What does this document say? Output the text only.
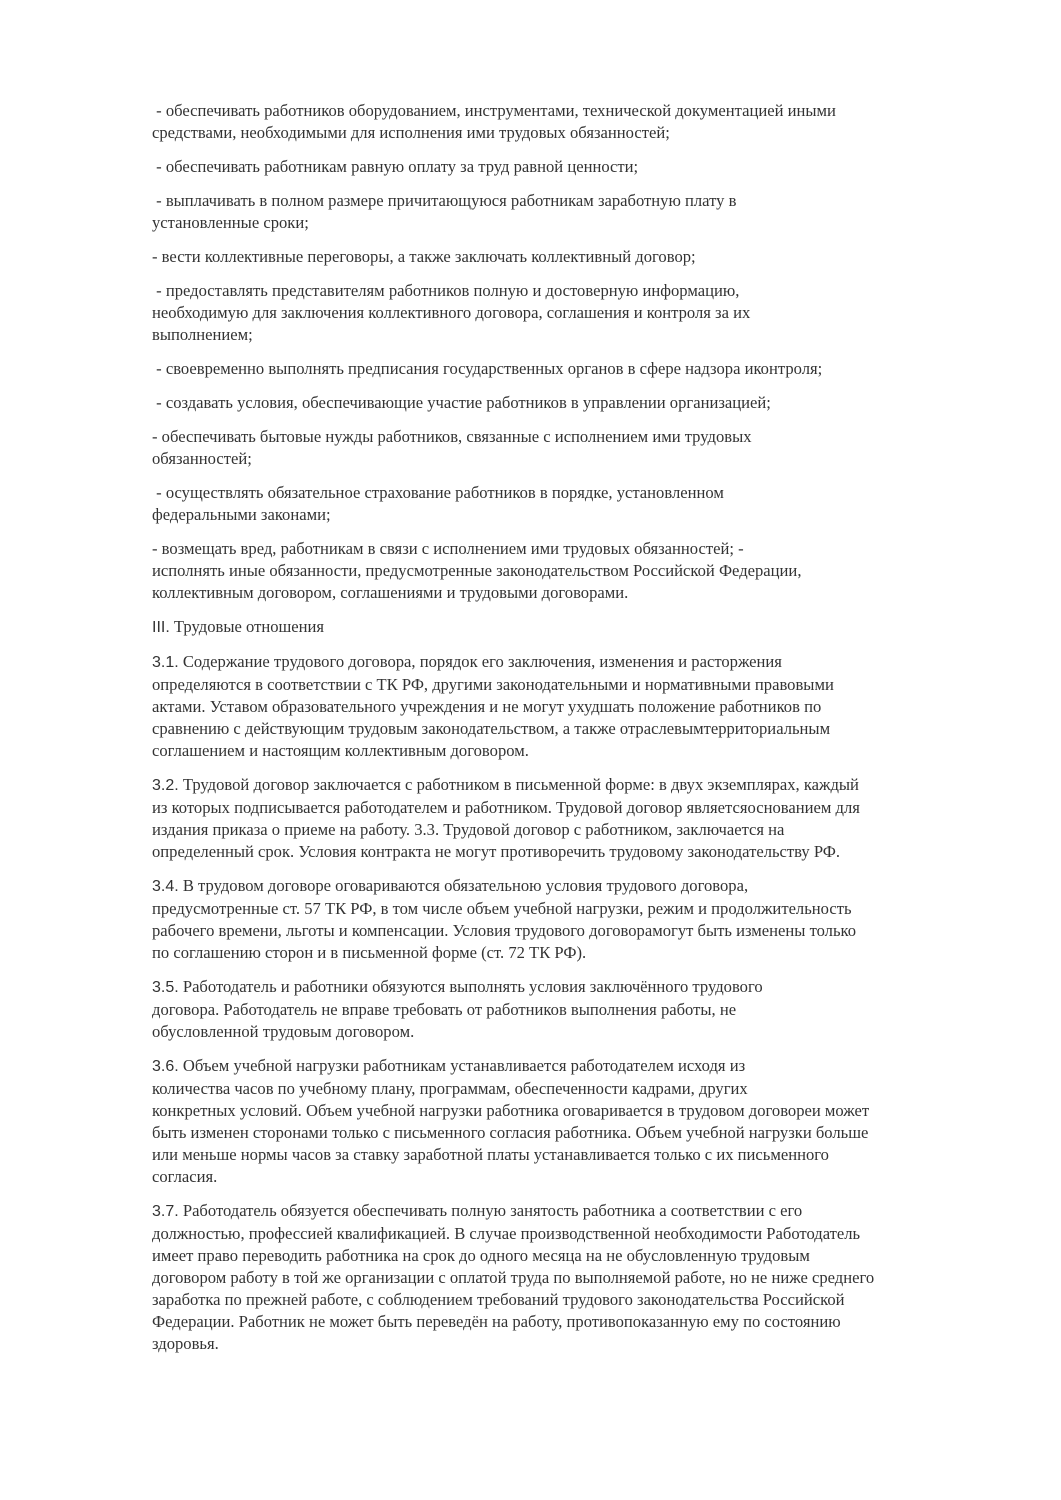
- обеспечивать работников оборудованием, инструментами, технической документацией иными
средствами, необходимыми для исполнения ими трудовых обязанностей;

- обеспечивать работникам равную оплату за труд равной ценности;

- выплачивать в полном размере причитающуюся работникам заработную плату в
установленные сроки;

- вести коллективные переговоры, а также заключать коллективный договор;

- предоставлять представителям работников полную и достоверную информацию,
необходимую для заключения коллективного договора, соглашения и контроля за их
выполнением;

- своевременно выполнять предписания государственных органов в сфере надзора иконтроля;

- создавать условия, обеспечивающие участие работников в управлении организацией;

- обеспечивать бытовые нужды работников, связанные с исполнением ими трудовых
обязанностей;

- осуществлять обязательное страхование работников в порядке, установленном
федеральными законами;

- возмещать вред, работникам в связи с исполнением ими трудовых обязанностей; -
исполнять иные обязанности, предусмотренные законодательством Российской Федерации,
коллективным договором, соглашениями и трудовыми договорами.

III. Трудовые отношения

3.1. Содержание трудового договора, порядок его заключения, изменения и расторжения
определяются в соответствии с ТК РФ, другими законодательными и нормативными правовыми
актами. Уставом образовательного учреждения и не могут ухудшать положение работников по
сравнению с действующим трудовым законодательством, а также отраслевымтерриториальным
соглашением и настоящим коллективным договором.

3.2. Трудовой договор заключается с работником в письменной форме: в двух экземплярах, каждый
из которых подписывается работодателем и работником. Трудовой договор являетсяоснованием для
издания приказа о приеме на работу. 3.3. Трудовой договор с работником, заключается на
определенный срок. Условия контракта не могут противоречить трудовому законодательству РФ.

3.4. В трудовом договоре оговариваются обязательною условия трудового договора,
предусмотренные ст. 57 ТК РФ, в том числе объем учебной нагрузки, режим и продолжительность
рабочего времени, льготы и компенсации. Условия трудового договорамогут быть изменены только
по соглашению сторон и в письменной форме (ст. 72 ТК РФ).

3.5. Работодатель и работники обязуются выполнять условия заключённого трудового
договора. Работодатель не вправе требовать от работников выполнения работы, не
обусловленной трудовым договором.

3.6. Объем учебной нагрузки работникам устанавливается работодателем исходя из
количества часов по учебному плану, программам, обеспеченности кадрами, других
конкретных условий. Объем учебной нагрузки работника оговаривается в трудовом договореи может
быть изменен сторонами только с письменного согласия работника. Объем учебной нагрузки больше
или меньше нормы часов за ставку заработной платы устанавливается только с их письменного
согласия.

3.7. Работодатель обязуется обеспечивать полную занятость работника а соответствии с его
должностью, профессией квалификацией. В случае производственной необходимости Работодатель
имеет право переводить работника на срок до одного месяца на не обусловленную трудовым
договором работу в той же организации с оплатой труда по выполняемой работе, но не ниже среднего
заработка по прежней работе, с соблюдением требований трудового законодательства Российской
Федерации. Работник не может быть переведён на работу, противопоказанную ему по состоянию
здоровья.
